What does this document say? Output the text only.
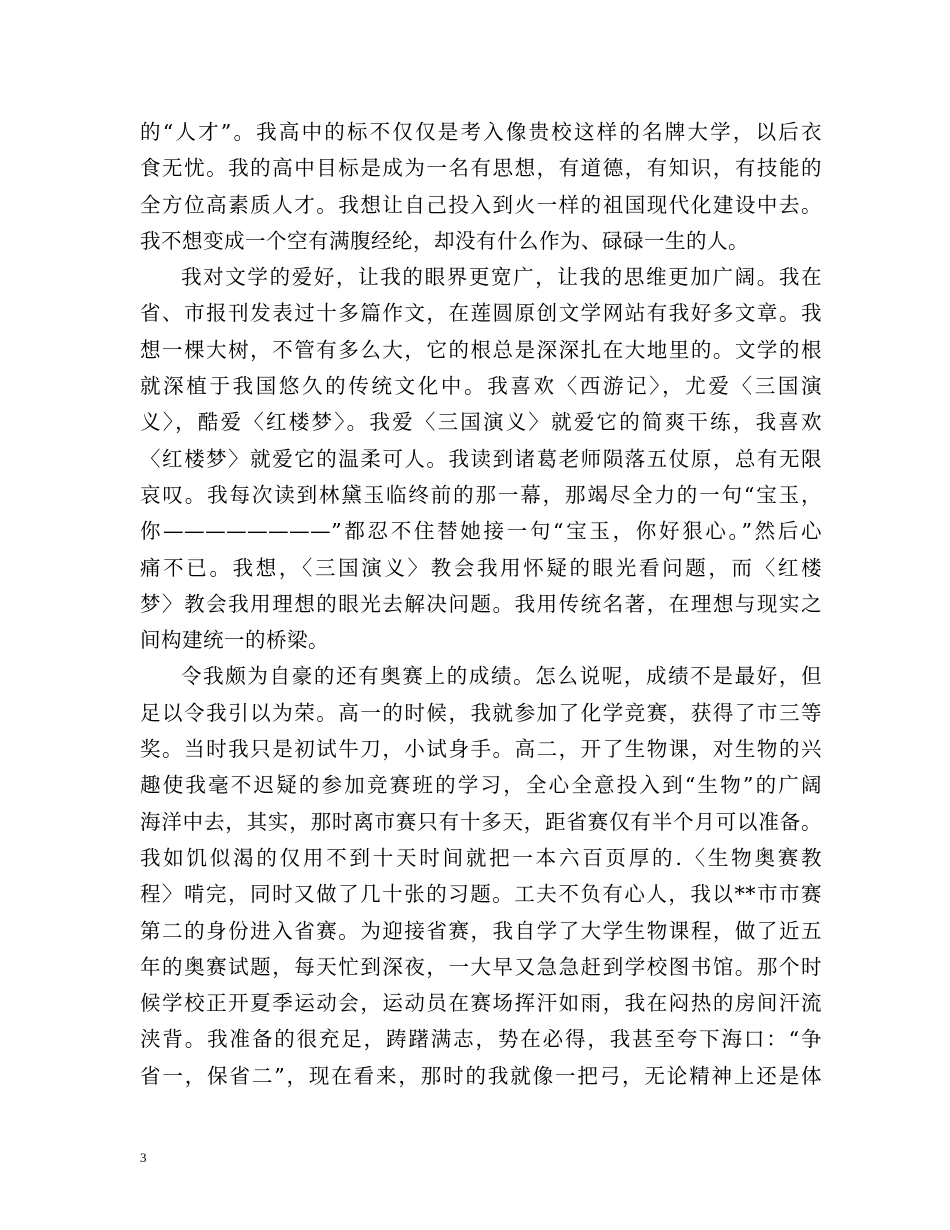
的“人才”。我高中的标不仅仅是考入像贵校这样的名牌大学，以后衣
食无忧。我的高中目标是成为一名有思想，有道德，有知识，有技能的
全方位高素质人才。我想让自己投入到火一样的祖国现代化建设中去。
我不想变成一个空有满腹经纶，却没有什么作为、碌碌一生的人。
我对文学的爱好，让我的眼界更宽广，让我的思维更加广阔。我在
省、市报刊发表过十多篇作文，在莲圆原创文学网站有我好多文章。我
想一棵大树，不管有多么大，它的根总是深深扎在大地里的。文学的根
就深植于我国悠久的传统文化中。我喜欢〈西游记〉，尤爱〈三国演
义〉，酷爱〈红楼梦〉。我爱〈三国演义〉就爱它的简爽干练，我喜欢
〈红楼梦〉就爱它的温柔可人。我读到诸葛老师陨落五仗原，总有无限
哀叹。我每次读到林黛玉临终前的那一幕，那竭尽全力的一句“宝玉，
你————————”都忍不住替她接一句“宝玉，你好狠心。”然后心
痛不已。我想，〈三国演义〉教会我用怀疑的眼光看问题，而〈红楼
梦〉教会我用理想的眼光去解决问题。我用传统名著，在理想与现实之
间构建统一的桥梁。
令我颇为自豪的还有奥赛上的成绩。怎么说呢，成绩不是最好，但
足以令我引以为荣。高一的时候，我就参加了化学竞赛，获得了市三等
奖。当时我只是初试牛刀，小试身手。高二，开了生物课，对生物的兴
趣使我毫不迟疑的参加竞赛班的学习，全心全意投入到“生物”的广阔
海洋中去，其实，那时离市赛只有十多天，距省赛仅有半个月可以准备。
我如饥似渴的仅用不到十天时间就把一本六百页厚的.〈生物奥赛教
程〉啃完，同时又做了几十张的习题。工夫不负有心人，我以**市市赛
第二的身份进入省赛。为迎接省赛，我自学了大学生物课程，做了近五
年的奥赛试题，每天忙到深夜，一大早又急急赶到学校图书馆。那个时
候学校正开夏季运动会，运动员在赛场挥汗如雨，我在闷热的房间汗流
浃背。我准备的很充足，踌躇满志，势在必得，我甚至夸下海口：“争
省一，保省二”，现在看来，那时的我就像一把弓，无论精神上还是体
3
